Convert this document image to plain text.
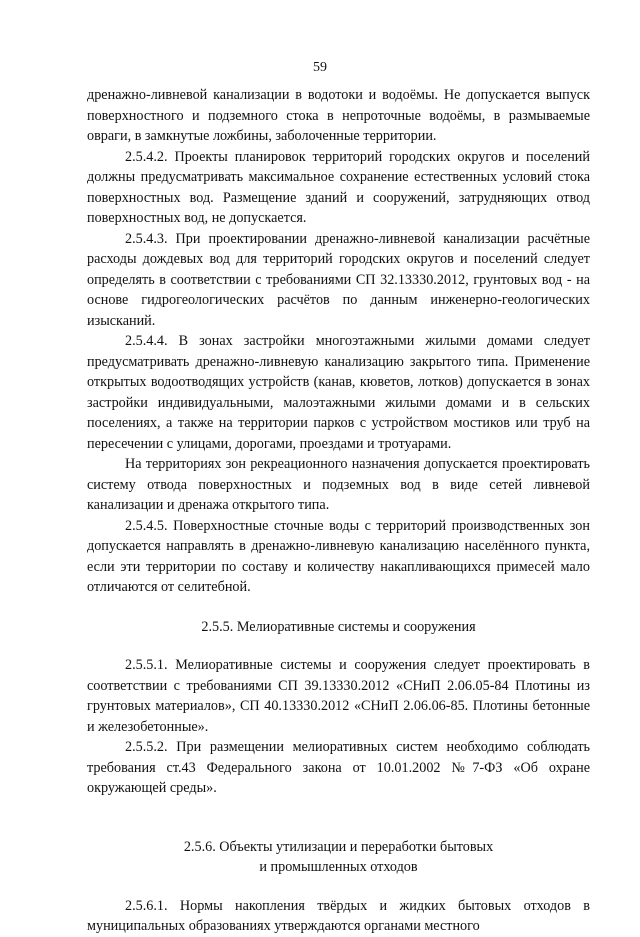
59

дренажно-ливневой канализации в водотоки и водоёмы. Не допускается выпуск поверхностного и подземного стока в непроточные водоёмы, в размываемые овраги, в замкнутые ложбины, заболоченные территории.

2.5.4.2. Проекты планировок территорий городских округов и поселений должны предусматривать максимальное сохранение естественных условий стока поверхностных вод. Размещение зданий и сооружений, затрудняющих отвод поверхностных вод, не допускается.

2.5.4.3. При проектировании дренажно-ливневой канализации расчётные расходы дождевых вод для территорий городских округов и поселений следует определять в соответствии с требованиями СП 32.13330.2012, грунтовых вод - на основе гидрогеологических расчётов по данным инженерно-геологических изысканий.

2.5.4.4. В зонах застройки многоэтажными жилыми домами следует предусматривать дренажно-ливневую канализацию закрытого типа. Применение открытых водоотводящих устройств (канав, кюветов, лотков) допускается в зонах застройки индивидуальными, малоэтажными жилыми домами и в сельских поселениях, а также на территории парков с устройством мостиков или труб на пересечении с улицами, дорогами, проездами и тротуарами.

На территориях зон рекреационного назначения допускается проектировать систему отвода поверхностных и подземных вод в виде сетей ливневой канализации и дренажа открытого типа.

2.5.4.5. Поверхностные сточные воды с территорий производственных зон допускается направлять в дренажно-ливневую канализацию населённого пункта, если эти территории по составу и количеству накапливающихся примесей мало отличаются от селитебной.

2.5.5. Мелиоративные системы и сооружения

2.5.5.1. Мелиоративные системы и сооружения следует проектировать в соответствии с требованиями СП 39.13330.2012 «СНиП 2.06.05-84 Плотины из грунтовых материалов», СП 40.13330.2012 «СНиП 2.06.06-85. Плотины бетонные и железобетонные».

2.5.5.2. При размещении мелиоративных систем необходимо соблюдать требования ст.43 Федерального закона от 10.01.2002 №7-ФЗ «Об охране окружающей среды».

2.5.6. Объекты утилизации и переработки бытовых
и промышленных отходов

2.5.6.1. Нормы накопления твёрдых и жидких бытовых отходов в муниципальных образованиях утверждаются органами местного
